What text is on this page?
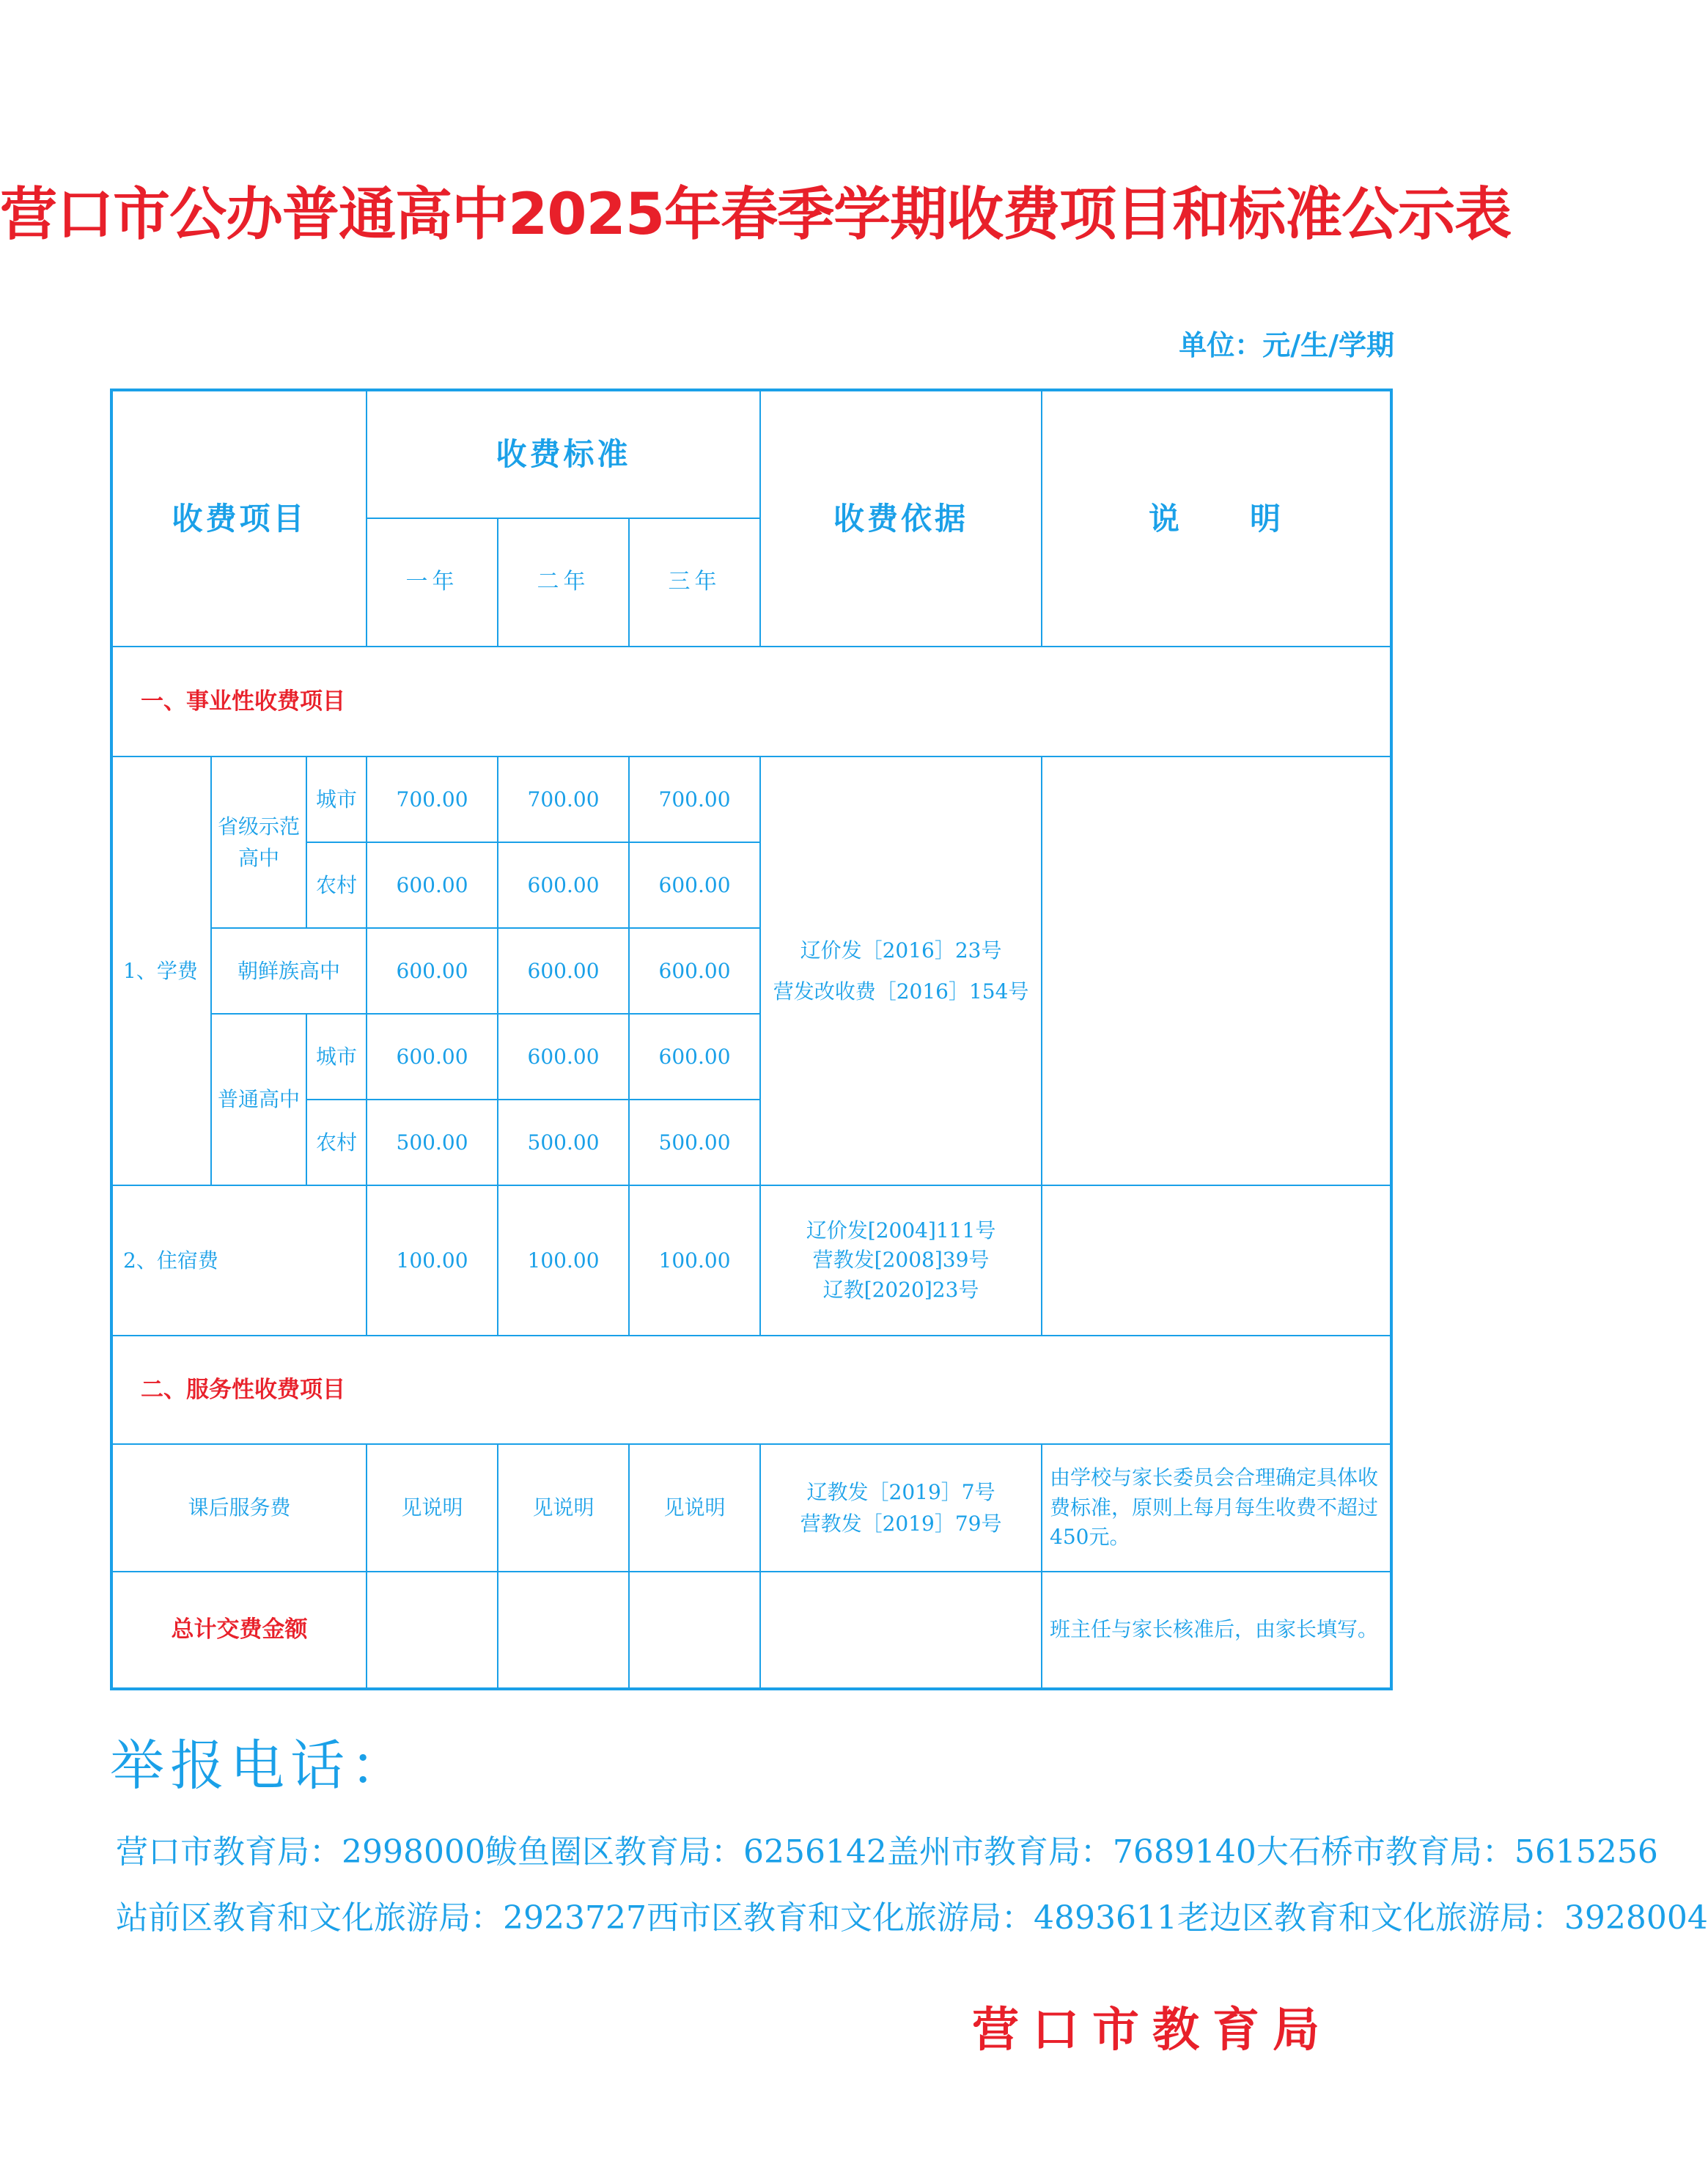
营口市公办普通高中2025年春季学期收费项目和标准公示表
单位：元/生/学期
收费项目			收费标准			收费依据	说　　明
			一年	二年	三年		
一、事业性收费项目							
1、学费	省级示范高中	城市	700.00	700.00	700.00	辽价发［2016］23号
营发改收费［2016］154号	

		农村	600.00	600.00	600.00		
	朝鲜族高中		600.00	600.00	600.00		
	普通高中	城市	600.00	600.00	600.00		
		农村	500.00	500.00	500.00		
2、住宿费			100.00	100.00	100.00	辽价发[2004]111号
营教发[2008]39号
辽教[2020]23号	

二、服务性收费项目							
课后服务费			见说明	见说明	见说明	辽教发［2019］7号
营教发［2019］79号	由学校与家长委员会合理确定具体收费标准，原则上每月每生收费不超过450元。
总计交费金额							班主任与家长核准后，由家长填写。
举报电话：
营口市教育局：2998000 鲅鱼圈区教育局：6256142 盖州市教育局：7689140 大石桥市教育局：5615256
站前区教育和文化旅游局：2923727 西市区教育和文化旅游局：4893611 老边区教育和文化旅游局：3928004
营口市教育局
